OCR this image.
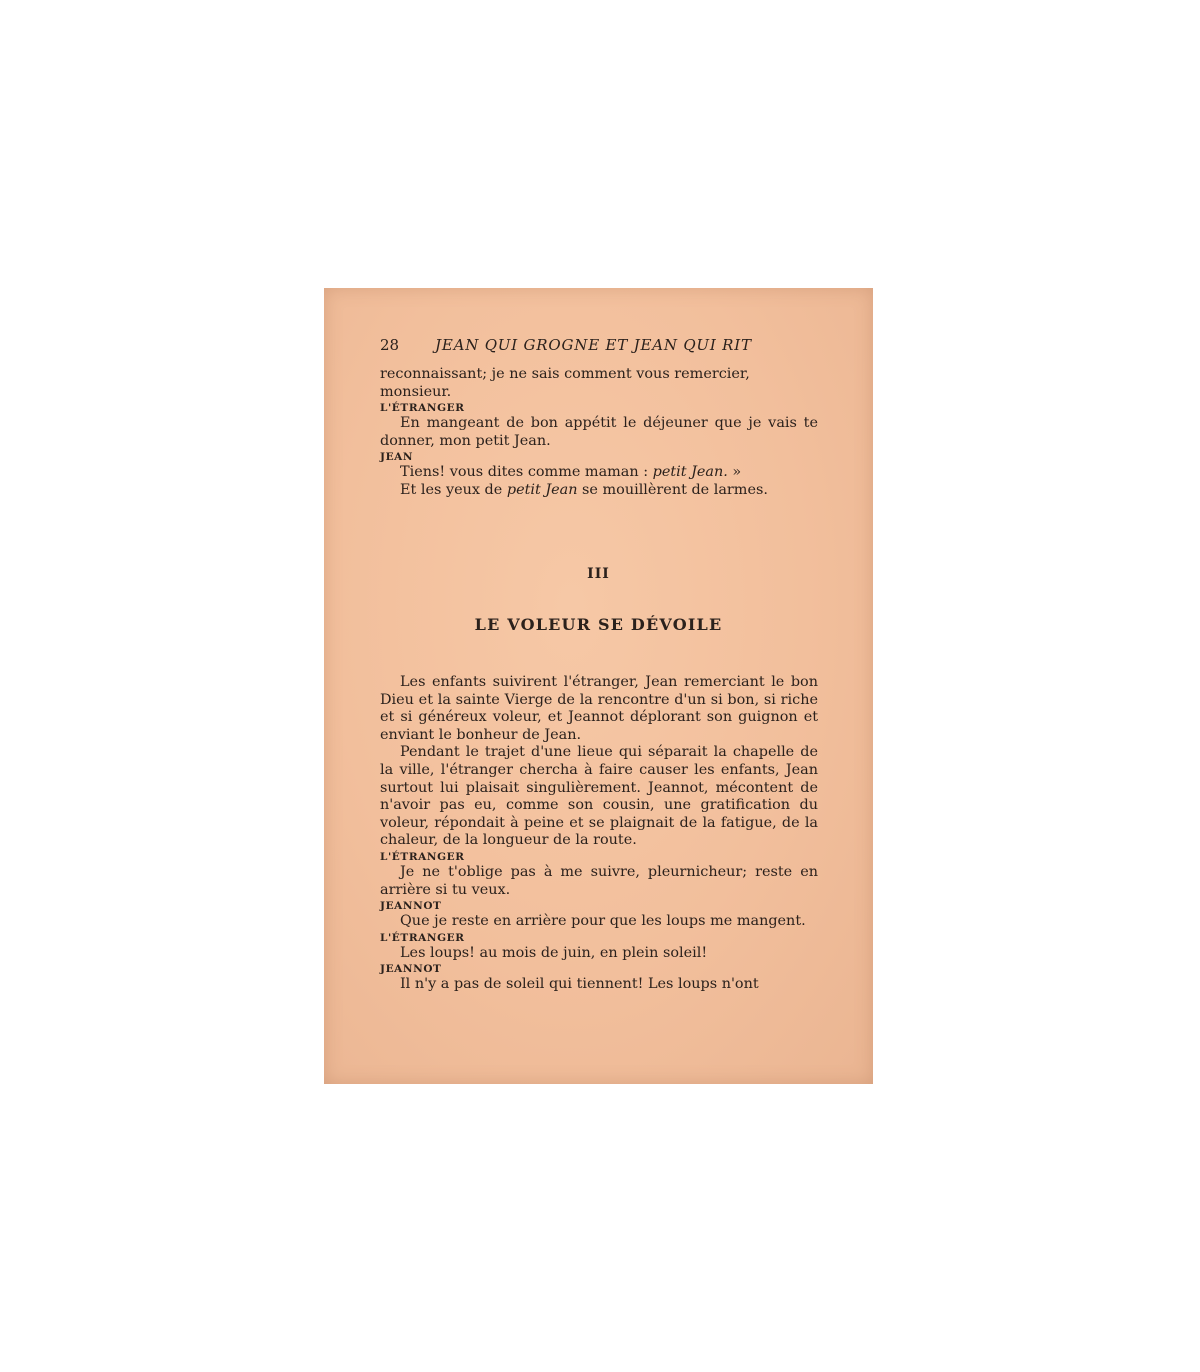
28 JEAN QUI GROGNE ET JEAN QUI RIT

reconnaissant; je ne sais comment vous remercier, monsieur.

L'ÉTRANGER

En mangeant de bon appétit le déjeuner que je vais te donner, mon petit Jean.

JEAN

Tiens! vous dites comme maman : petit Jean. »

Et les yeux de petit Jean se mouillèrent de larmes.

III
LE VOLEUR SE DÉVOILE

Les enfants suivirent l'étranger, Jean remerciant le bon Dieu et la sainte Vierge de la rencontre d'un si bon, si riche et si généreux voleur, et Jeannot déplorant son guignon et enviant le bonheur de Jean.

Pendant le trajet d'une lieue qui séparait la chapelle de la ville, l'étranger chercha à faire causer les enfants, Jean surtout lui plaisait singulièrement. Jeannot, mécontent de n'avoir pas eu, comme son cousin, une gratification du voleur, répondait à peine et se plaignait de la fatigue, de la chaleur, de la longueur de la route.

L'ÉTRANGER

Je ne t'oblige pas à me suivre, pleurnicheur; reste en arrière si tu veux.

JEANNOT

Que je reste en arrière pour que les loups me mangent.

L'ÉTRANGER

Les loups! au mois de juin, en plein soleil!

JEANNOT

Il n'y a pas de soleil qui tiennent! Les loups n'ont
